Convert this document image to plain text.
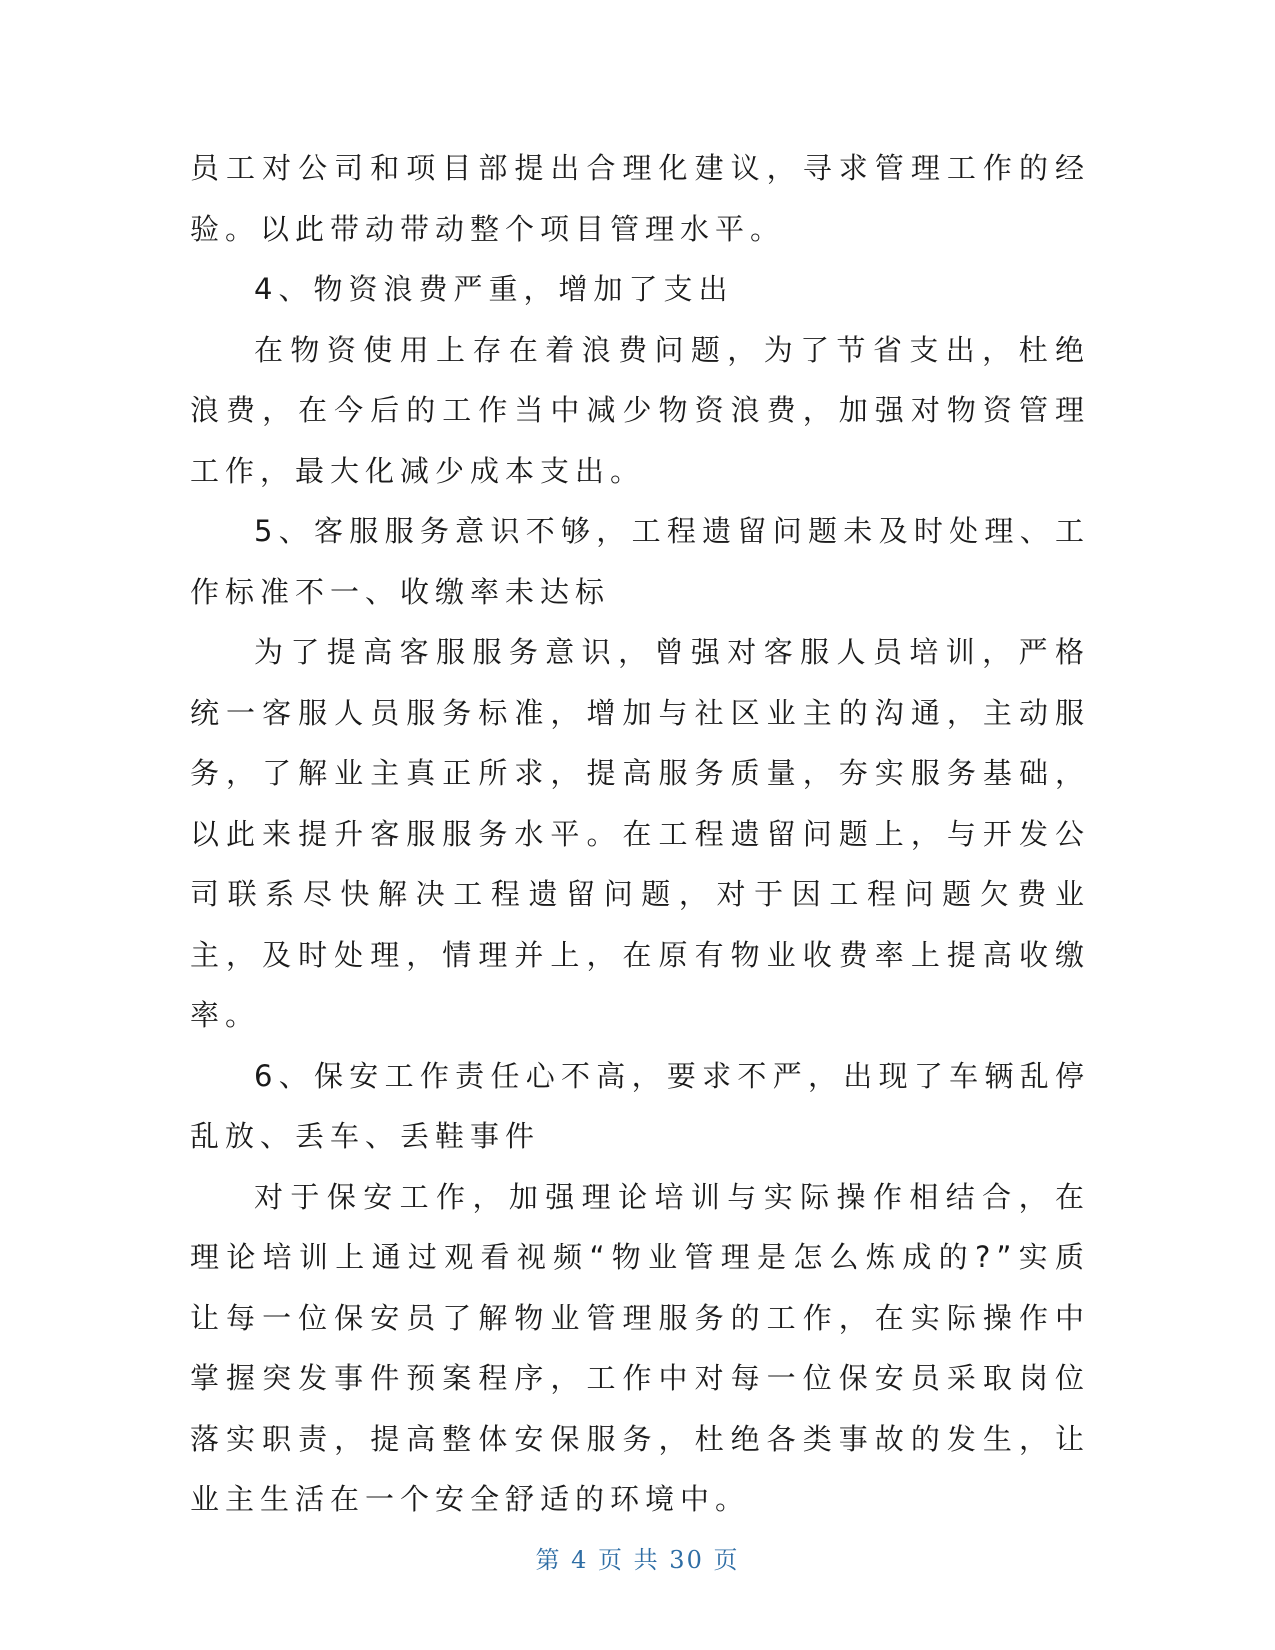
员工对公司和项目部提出合理化建议，寻求管理工作的经验。以此带动带动整个项目管理水平。

4、物资浪费严重，增加了支出

在物资使用上存在着浪费问题，为了节省支出，杜绝浪费，在今后的工作当中减少物资浪费，加强对物资管理工作，最大化减少成本支出。

5、客服服务意识不够，工程遗留问题未及时处理、工作标准不一、收缴率未达标

为了提高客服服务意识，曾强对客服人员培训，严格统一客服人员服务标准，增加与社区业主的沟通，主动服务，了解业主真正所求，提高服务质量，夯实服务基础，以此来提升客服服务水平。在工程遗留问题上，与开发公司联系尽快解决工程遗留问题，对于因工程问题欠费业主，及时处理，情理并上，在原有物业收费率上提高收缴率。

6、保安工作责任心不高，要求不严，出现了车辆乱停乱放、丢车、丢鞋事件

对于保安工作，加强理论培训与实际操作相结合，在理论培训上通过观看视频“物业管理是怎么炼成的?”实质让每一位保安员了解物业管理服务的工作，在实际操作中掌握突发事件预案程序，工作中对每一位保安员采取岗位落实职责，提高整体安保服务，杜绝各类事故的发生，让业主生活在一个安全舒适的环境中。

第 4 页 共 30 页
